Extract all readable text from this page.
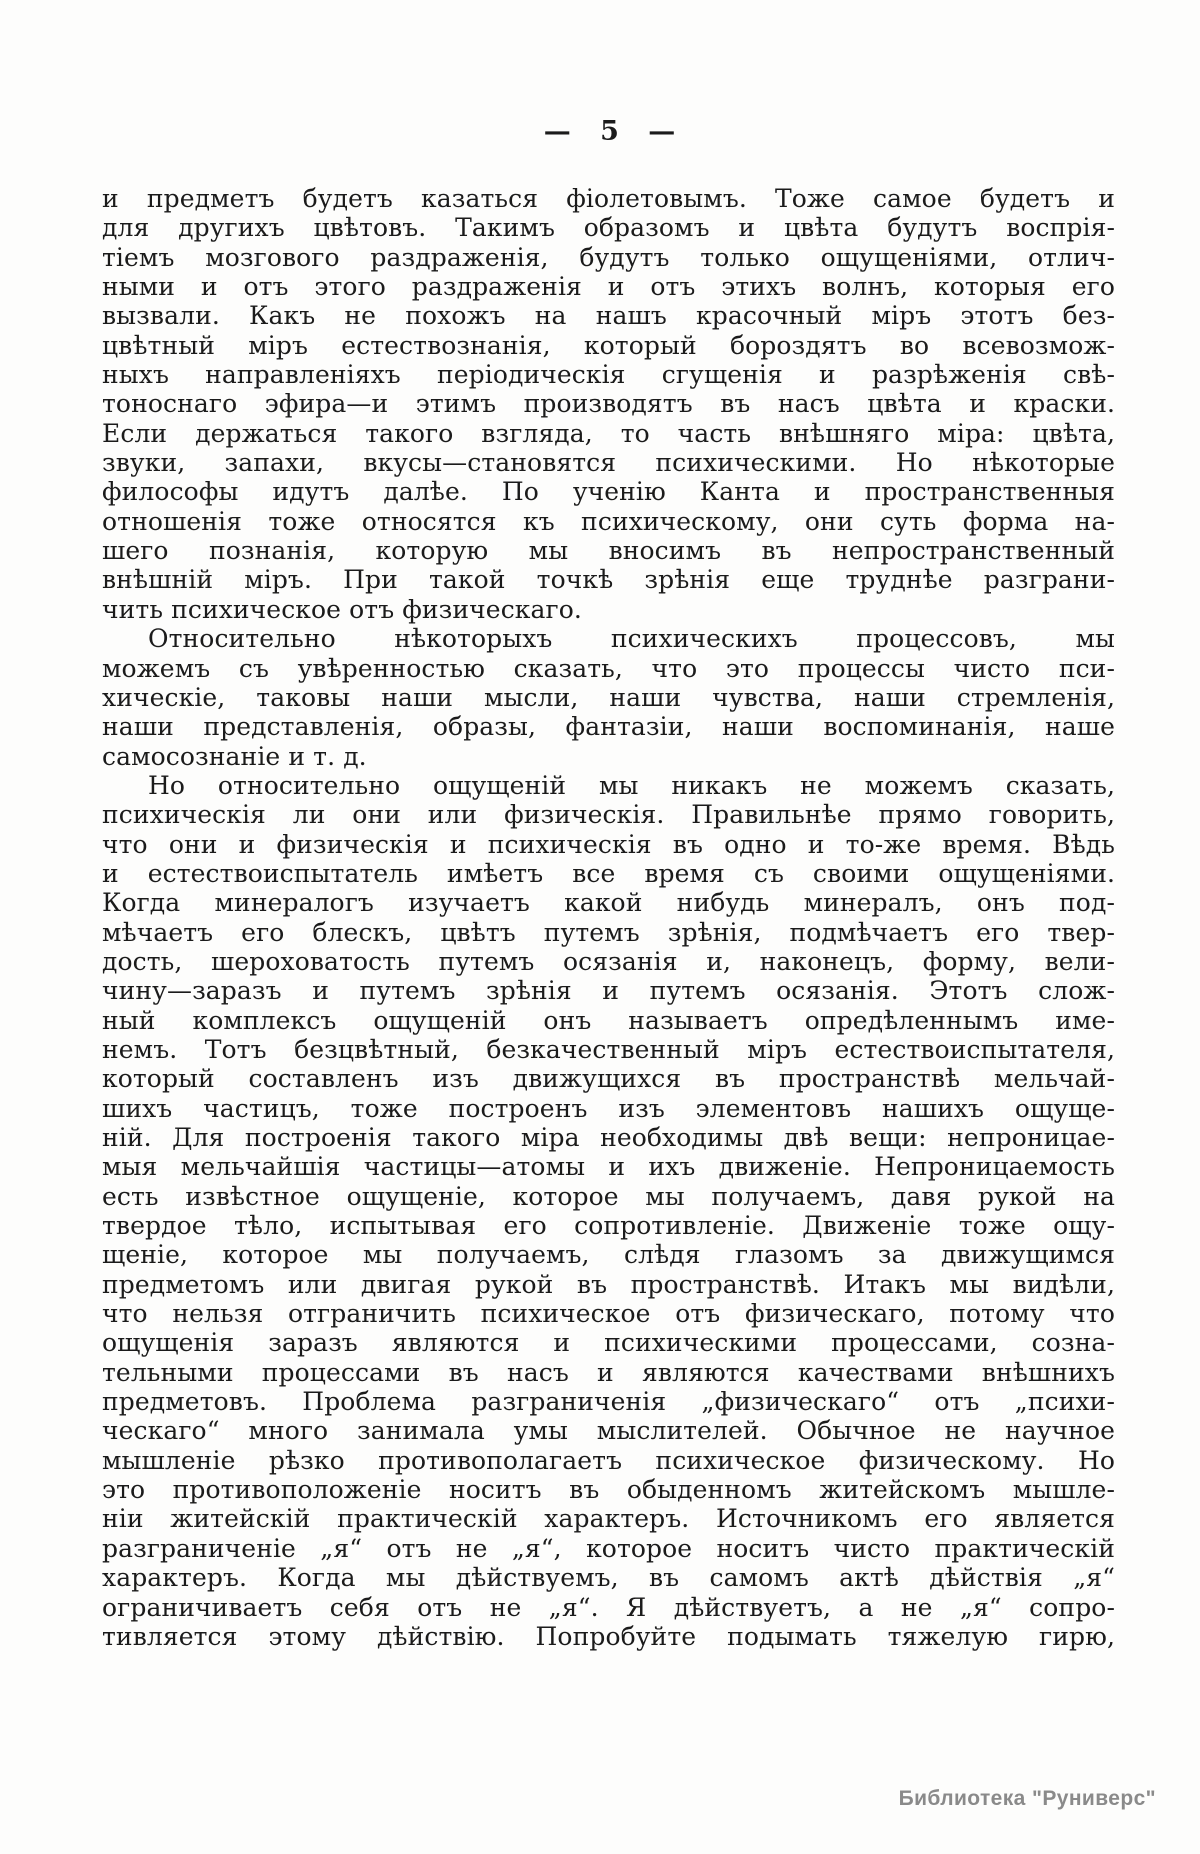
— 5 —
и предметъ будетъ казаться фіолетовымъ. Тоже самое будетъ и
для другихъ цвѣтовъ. Такимъ образомъ и цвѣта будутъ воспрія-
тіемъ мозгового раздраженія, будутъ только ощущеніями, отлич-
ными и отъ этого раздраженія и отъ этихъ волнъ, которыя его
вызвали. Какъ не похожъ на нашъ красочный міръ этотъ без-
цвѣтный міръ естествознанія, который бороздятъ во всевозмож-
ныхъ направленіяхъ періодическія сгущенія и разрѣженія свѣ-
тоноснаго эфира—и этимъ производятъ въ насъ цвѣта и краски.
Если держаться такого взгляда, то часть внѣшняго міра: цвѣта,
звуки, запахи, вкусы—становятся психическими. Но нѣкоторые
философы идутъ далѣе. По ученію Канта и пространственныя
отношенія тоже относятся къ психическому, они суть форма на-
шего познанія, которую мы вносимъ въ непространственный
внѣшній міръ. При такой точкѣ зрѣнія еще труднѣе разграни-
чить психическое отъ физическаго.
Относительно нѣкоторыхъ психическихъ процессовъ, мы
можемъ съ увѣренностью сказать, что это процессы чисто пси-
хическіе, таковы наши мысли, наши чувства, наши стремленія,
наши представленія, образы, фантазіи, наши воспоминанія, наше
самосознаніе и т. д.
Но относительно ощущеній мы никакъ не можемъ сказать,
психическія ли они или физическія. Правильнѣе прямо говорить,
что они и физическія и психическія въ одно и то-же время. Вѣдь
и естествоиспытатель имѣетъ все время съ своими ощущеніями.
Когда минералогъ изучаетъ какой нибудь минералъ, онъ под-
мѣчаетъ его блескъ, цвѣтъ путемъ зрѣнія, подмѣчаетъ его твер-
дость, шероховатость путемъ осязанія и, наконецъ, форму, вели-
чину—заразъ и путемъ зрѣнія и путемъ осязанія. Этотъ слож-
ный комплексъ ощущеній онъ называетъ опредѣленнымъ име-
немъ. Тотъ безцвѣтный, безкачественный міръ естествоиспытателя,
который составленъ изъ движущихся въ пространствѣ мельчай-
шихъ частицъ, тоже построенъ изъ элементовъ нашихъ ощуще-
ній. Для построенія такого міра необходимы двѣ вещи: непроницае-
мыя мельчайшія частицы—атомы и ихъ движеніе. Непроницаемость
есть извѣстное ощущеніе, которое мы получаемъ, давя рукой на
твердое тѣло, испытывая его сопротивленіе. Движеніе тоже ощу-
щеніе, которое мы получаемъ, слѣдя глазомъ за движущимся
предметомъ или двигая рукой въ пространствѣ. Итакъ мы видѣли,
что нельзя отграничить психическое отъ физическаго, потому что
ощущенія заразъ являются и психическими процессами, созна-
тельными процессами въ насъ и являются качествами внѣшнихъ
предметовъ. Проблема разграниченія „физическаго“ отъ „психи-
ческаго“ много занимала умы мыслителей. Обычное не научное
мышленіе рѣзко противополагаетъ психическое физическому. Но
это противоположеніе носитъ въ обыденномъ житейскомъ мышле-
ніи житейскій практическій характеръ. Источникомъ его является
разграниченіе „я“ отъ не „я“, которое носитъ чисто практическій
характеръ. Когда мы дѣйствуемъ, въ самомъ актѣ дѣйствія „я“
ограничиваетъ себя отъ не „я“. Я дѣйствуетъ, а не „я“ сопро-
тивляется этому дѣйствію. Попробуйте подымать тяжелую гирю,
Библиотека "Руниверс"
